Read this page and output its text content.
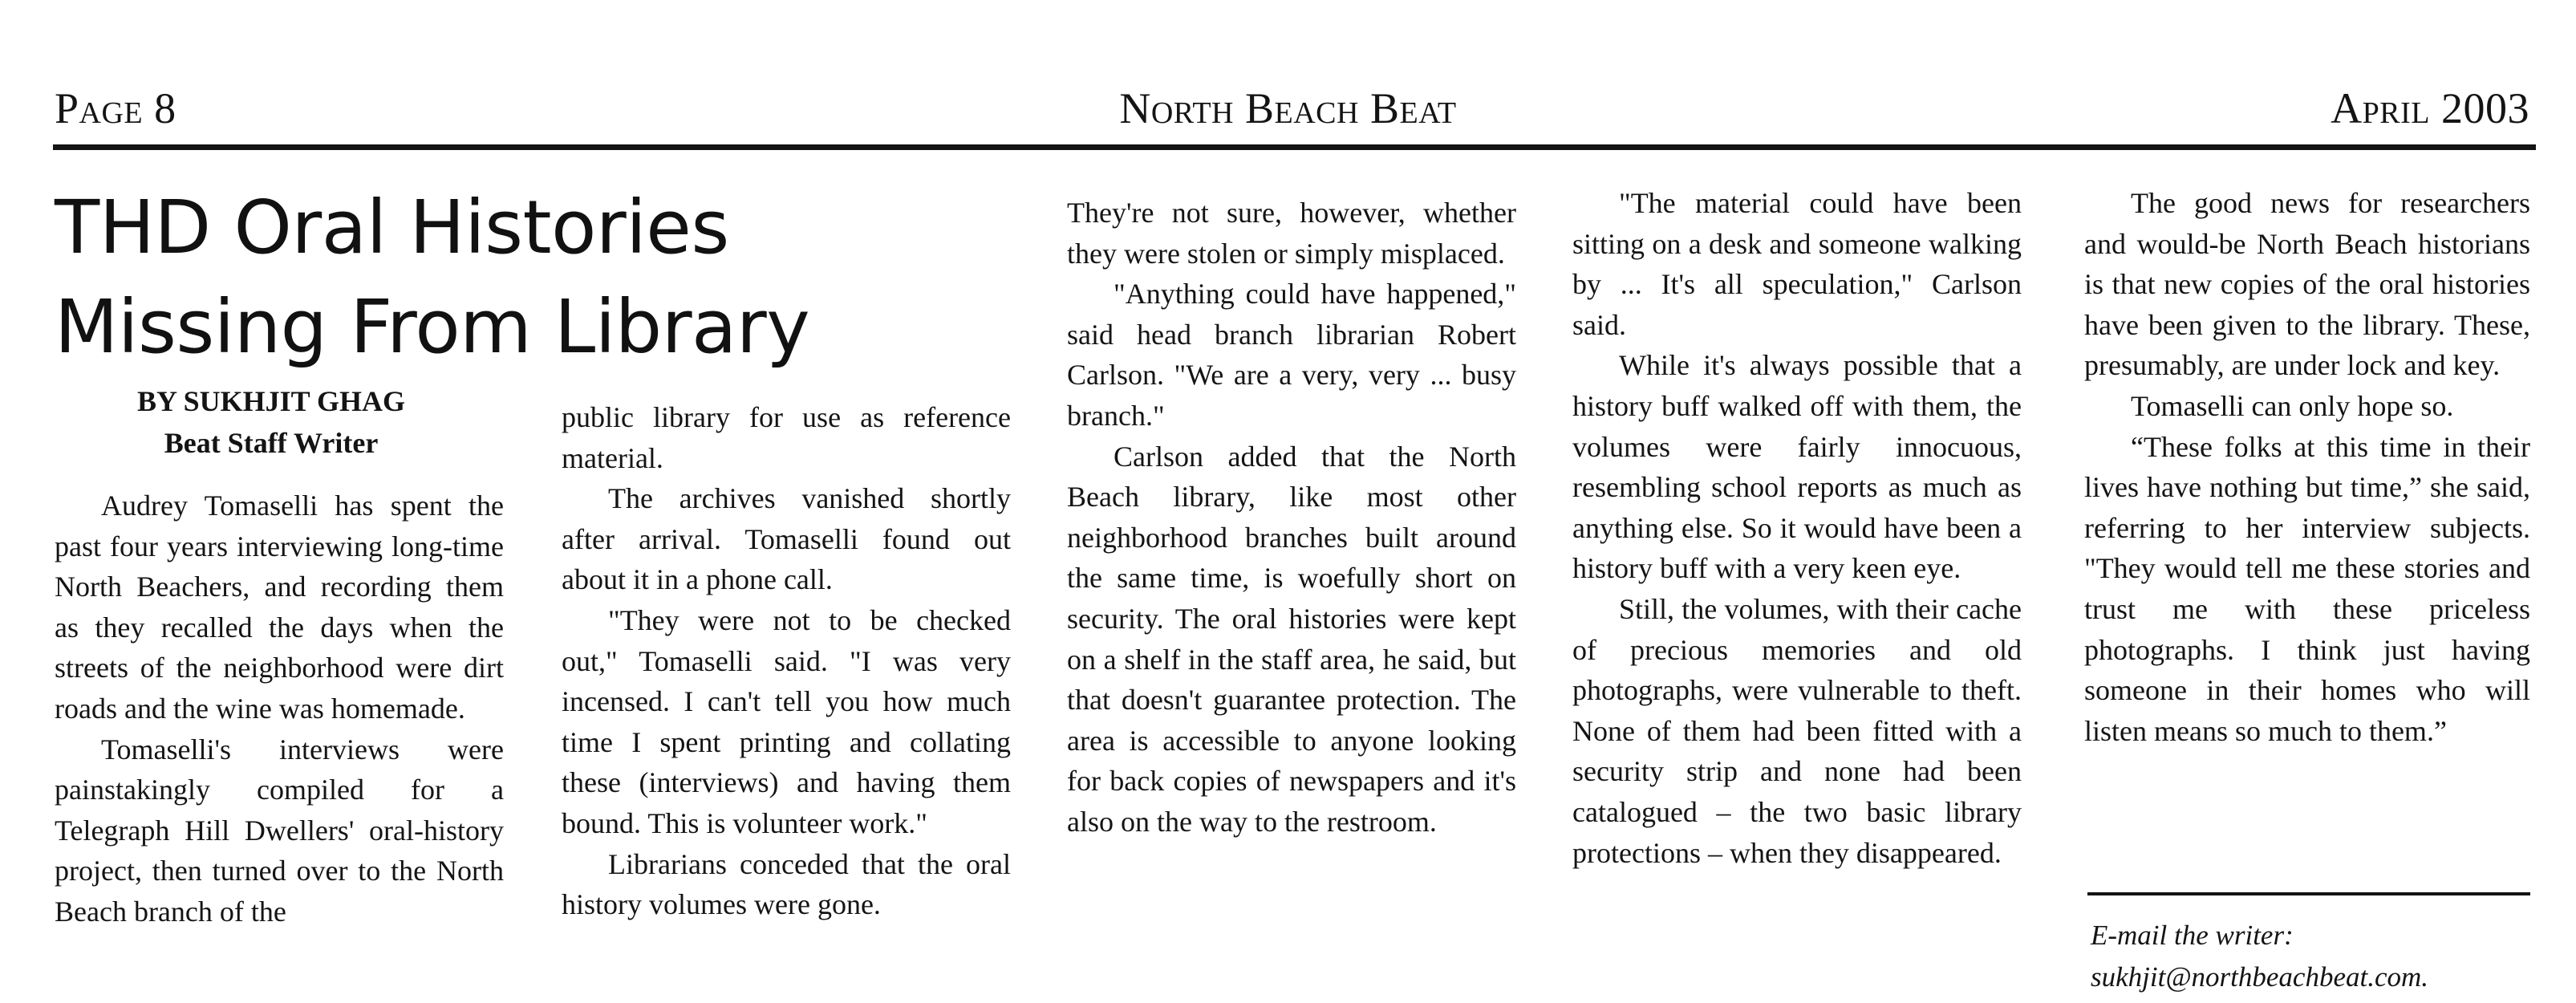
Page 8	North Beach Beat	April 2003
THD Oral Histories
Missing From Library
BY SUKHJIT GHAG
Beat Staff Writer

Audrey Tomaselli has spent the past four years interviewing long-time North Beachers, and recording them as they recalled the days when the streets of the neighborhood were dirt roads and the wine was homemade.

Tomaselli's interviews were painstakingly compiled for a Telegraph Hill Dwellers' oral-history project, then turned over to the North Beach branch of the

public library for use as reference material.

The archives vanished shortly after arrival. Tomaselli found out about it in a phone call.

"They were not to be checked out," Tomaselli said. "I was very incensed. I can't tell you how much time I spent printing and collating these (interviews) and having them bound. This is volunteer work."

Librarians conceded that the oral history volumes were gone.

They're not sure, however, whether they were stolen or simply misplaced.

"Anything could have happened," said head branch librarian Robert Carlson. "We are a very, very ... busy branch."

Carlson added that the North Beach library, like most other neighborhood branches built around the same time, is woefully short on security. The oral histories were kept on a shelf in the staff area, he said, but that doesn't guarantee protection. The area is accessible to anyone looking for back copies of newspapers and it's also on the way to the restroom.

"The material could have been sitting on a desk and someone walking by ... It's all speculation," Carlson said.

While it's always possible that a history buff walked off with them, the volumes were fairly innocuous, resembling school reports as much as anything else. So it would have been a history buff with a very keen eye.

Still, the volumes, with their cache of precious memories and old photographs, were vulnerable to theft. None of them had been fitted with a security strip and none had been catalogued – the two basic library protections – when they disappeared.

The good news for researchers and would-be North Beach historians is that new copies of the oral histories have been given to the library. These, presumably, are under lock and key.

Tomaselli can only hope so.

“These folks at this time in their lives have nothing but time,” she said, referring to her interview subjects. "They would tell me these stories and trust me with these priceless photographs. I think just having someone in their homes who will listen means so much to them.”

E-mail the writer:
sukhjit@northbeachbeat.com.
